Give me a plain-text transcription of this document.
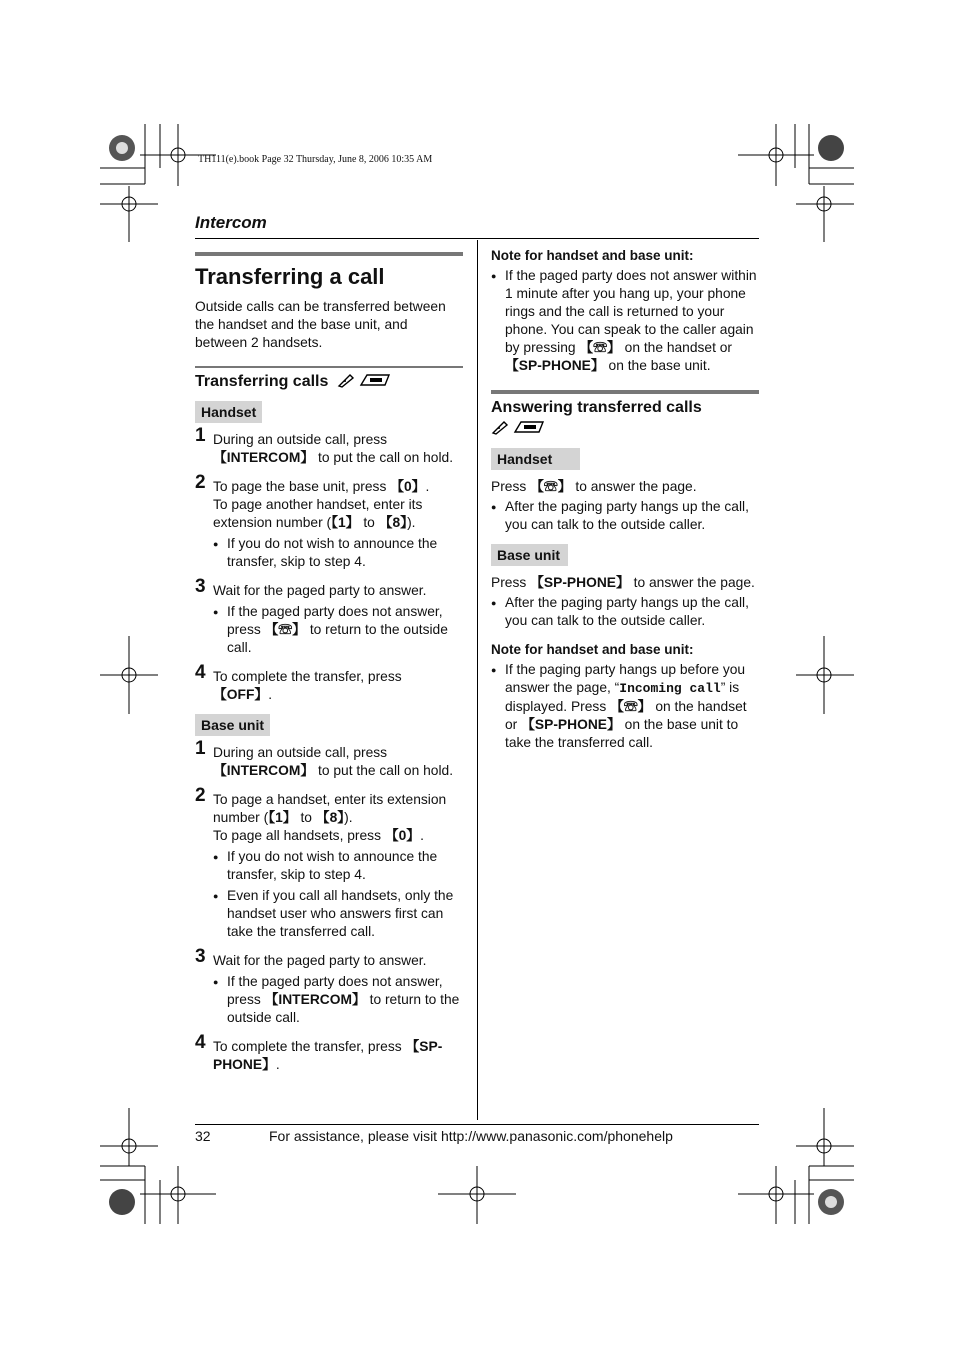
TH111(e).book Page 32 Thursday, June 8, 2006 10:35 AM
Intercom
Transferring a call
Outside calls can be transferred between the handset and the base unit, and between 2 handsets.
Transferring calls
Handset
1 During an outside call, press
【INTERCOM】 to put the call on hold.
2 To page the base unit, press 【0】.
To page another handset, enter its extension number (【1】 to 【8】).
● If you do not wish to announce the transfer, skip to step 4.
3 Wait for the paged party to answer.
● If the paged party does not answer, press 【☏】 to return to the outside call.
4 To complete the transfer, press 【OFF】.
Base unit
1 During an outside call, press
【INTERCOM】 to put the call on hold.
2 To page a handset, enter its extension number (【1】 to 【8】).
To page all handsets, press 【0】.
● If you do not wish to announce the transfer, skip to step 4.
● Even if you call all handsets, only the handset user who answers first can take the transferred call.
3 Wait for the paged party to answer.
● If the paged party does not answer, press 【INTERCOM】 to return to the outside call.
4 To complete the transfer, press 【SP-
PHONE】.
Note for handset and base unit:
● If the paged party does not answer within 1 minute after you hang up, your phone rings and the call is returned to your phone. You can speak to the caller again by pressing 【☏】 on the handset or 【SP-PHONE】 on the base unit.
Answering transferred calls

Handset
Press 【☏】 to answer the page.
● After the paging party hangs up the call, you can talk to the outside caller.
Base unit
Press 【SP-PHONE】 to answer the page.
● After the paging party hangs up the call, you can talk to the outside caller.
Note for handset and base unit:
● If the paging party hangs up before you answer the page, “Incoming call” is displayed. Press 【☏】 on the handset or 【SP-PHONE】 on the base unit to take the transferred call.
32	For assistance, please visit http://www.panasonic.com/phonehelp
